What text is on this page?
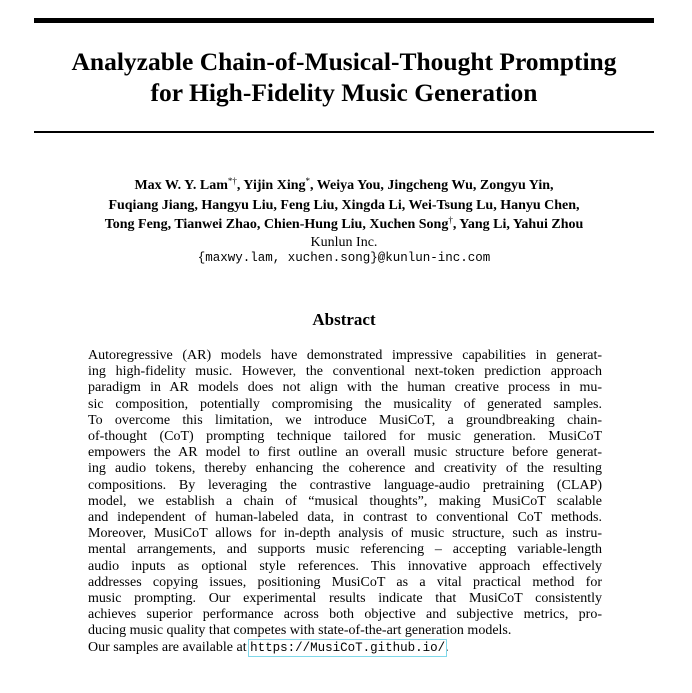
Analyzable Chain-of-Musical-Thought Prompting
for High-Fidelity Music Generation
Max W. Y. Lam*†, Yijin Xing*, Weiya You, Jingcheng Wu, Zongyu Yin,
Fuqiang Jiang, Hangyu Liu, Feng Liu, Xingda Li, Wei-Tsung Lu, Hanyu Chen,
Tong Feng, Tianwei Zhao, Chien-Hung Liu, Xuchen Song†, Yang Li, Yahui Zhou
Kunlun Inc.
{maxwy.lam, xuchen.song}@kunlun-inc.com
Abstract
Autoregressive (AR) models have demonstrated impressive capabilities in generat-
ing high-fidelity music. However, the conventional next-token prediction approach
paradigm in AR models does not align with the human creative process in mu-
sic composition, potentially compromising the musicality of generated samples.
To overcome this limitation, we introduce MusiCoT, a groundbreaking chain-
of-thought (CoT) prompting technique tailored for music generation. MusiCoT
empowers the AR model to first outline an overall music structure before generat-
ing audio tokens, thereby enhancing the coherence and creativity of the resulting
compositions. By leveraging the contrastive language-audio pretraining (CLAP)
model, we establish a chain of “musical thoughts”, making MusiCoT scalable
and independent of human-labeled data, in contrast to conventional CoT methods.
Moreover, MusiCoT allows for in-depth analysis of music structure, such as instru-
mental arrangements, and supports music referencing – accepting variable-length
audio inputs as optional style references. This innovative approach effectively
addresses copying issues, positioning MusiCoT as a vital practical method for
music prompting. Our experimental results indicate that MusiCoT consistently
achieves superior performance across both objective and subjective metrics, pro-
ducing music quality that competes with state-of-the-art generation models.
Our samples are available at https://MusiCoT.github.io/.
